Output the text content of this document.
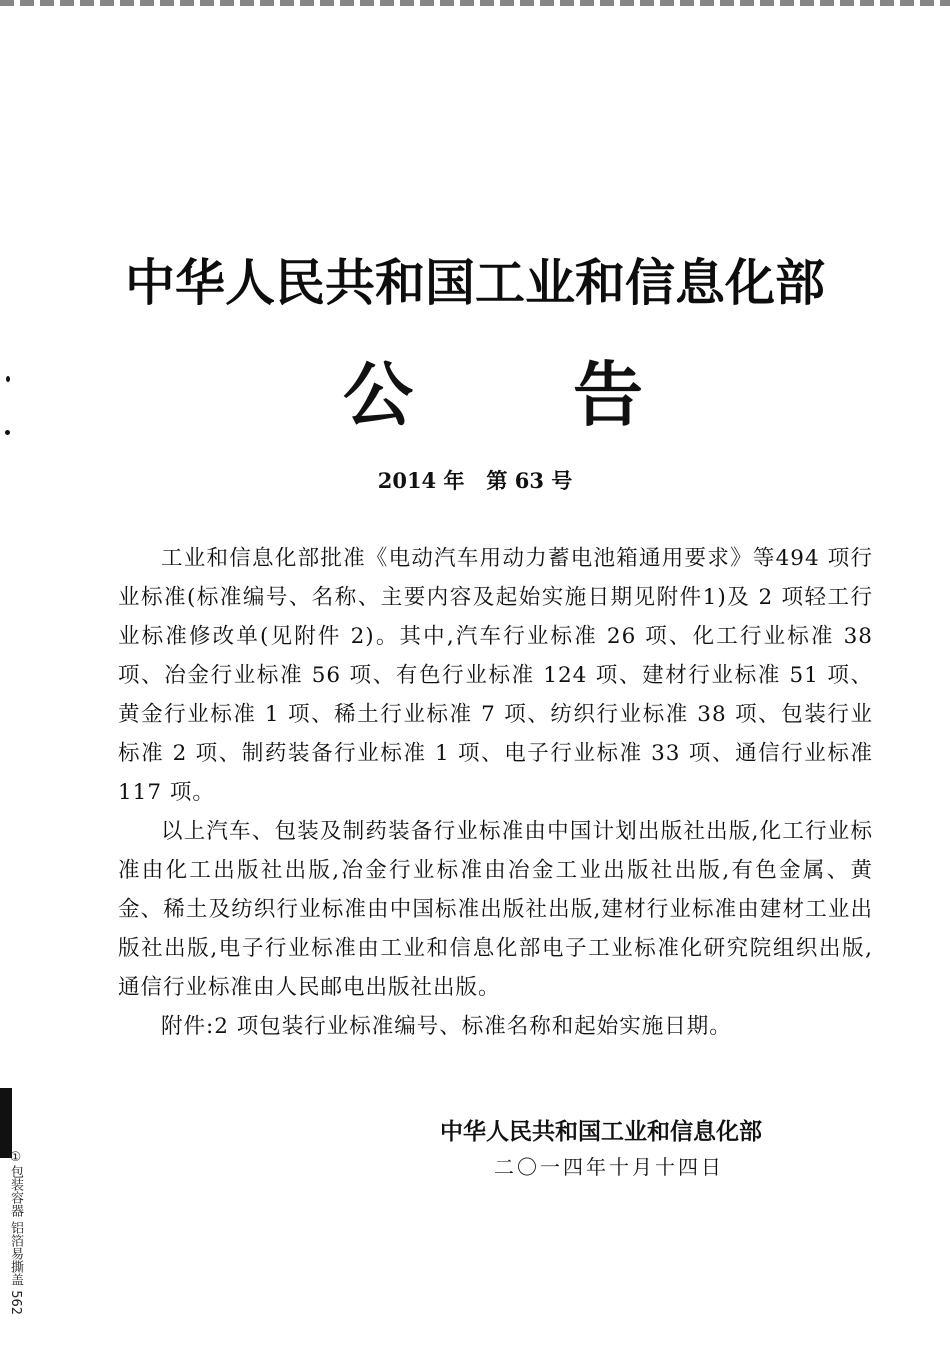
中华人民共和国工业和信息化部
公 告
2014 年   第 63 号

工业和信息化部批准《电动汽车用动力蓄电池箱通用要求》等494 项行业标准(标准编号、名称、主要内容及起始实施日期见附件1)及 2 项轻工行业标准修改单(见附件 2)。其中,汽车行业标准 26 项、化工行业标准 38 项、冶金行业标准 56 项、有色行业标准 124 项、建材行业标准 51 项、黄金行业标准 1 项、稀土行业标准 7 项、纺织行业标准 38 项、包装行业标准 2 项、制药装备行业标准 1 项、电子行业标准 33 项、通信行业标准 117 项。

以上汽车、包装及制药装备行业标准由中国计划出版社出版,化工行业标准由化工出版社出版,冶金行业标准由冶金工业出版社出版,有色金属、黄金、稀土及纺织行业标准由中国标准出版社出版,建材行业标准由建材工业出版社出版,电子行业标准由工业和信息化部电子工业标准化研究院组织出版,通信行业标准由人民邮电出版社出版。

附件:2 项包装行业标准编号、标准名称和起始实施日期。

中华人民共和国工业和信息化部
二〇一四年十月十四日
①包装容器 铝箔易撕盖 562
